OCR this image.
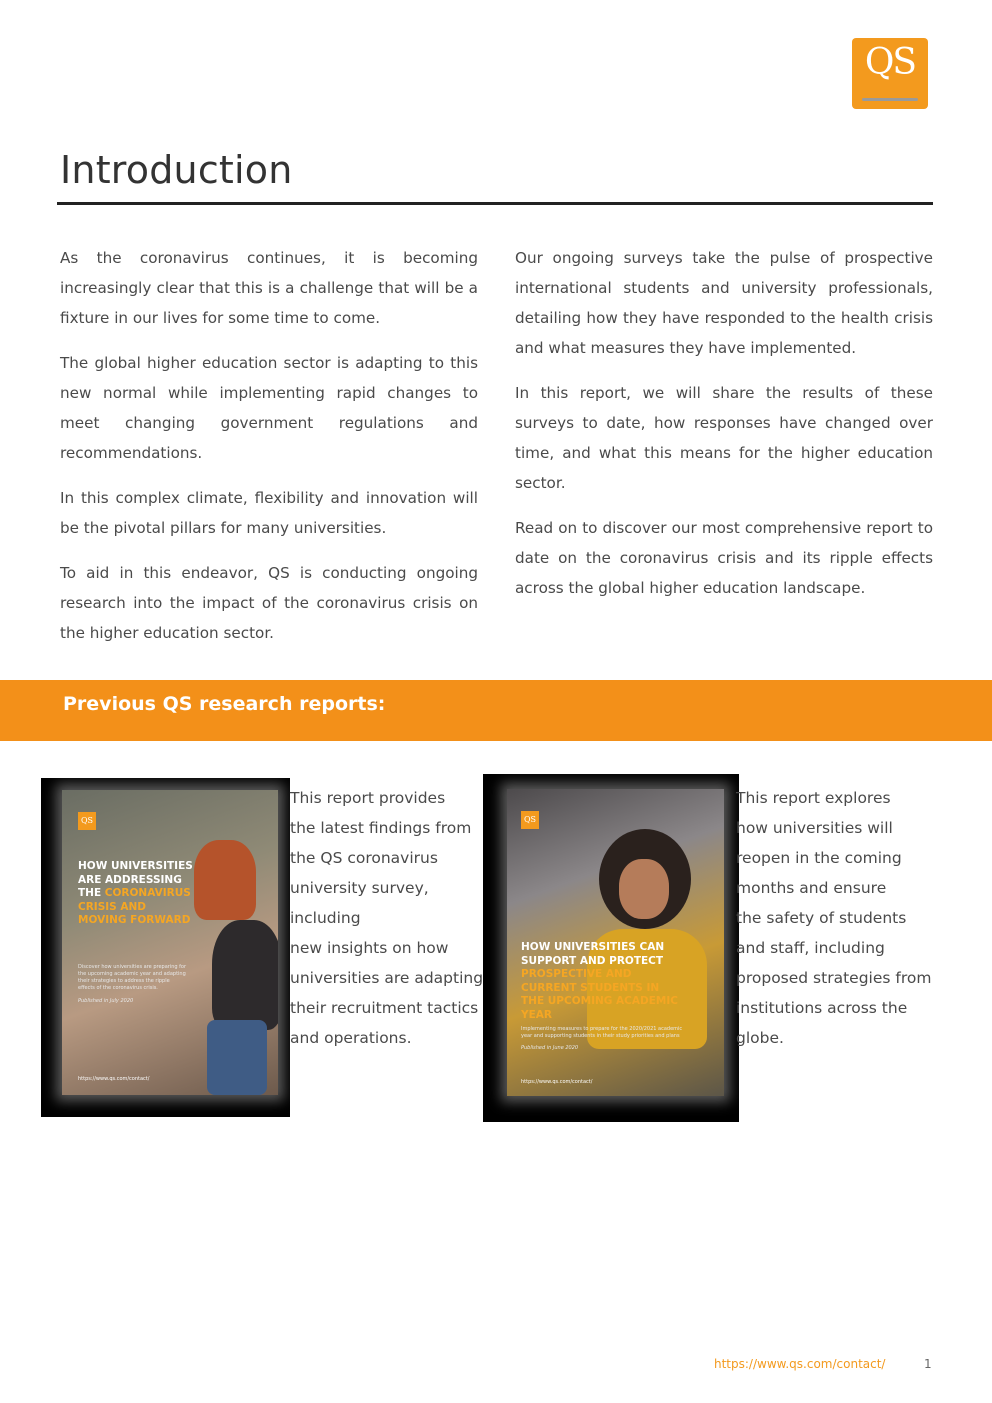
QS
Introduction

As the coronavirus continues, it is becoming increasingly clear that this is a challenge that will be a fixture in our lives for some time to come.

The global higher education sector is adapting to this new normal while implementing rapid changes to meet changing government regulations and recommendations.

In this complex climate, flexibility and innovation will be the pivotal pillars for many universities.

To aid in this endeavor, QS is conducting ongoing research into the impact of the coronavirus crisis on the higher education sector.

Our ongoing surveys take the pulse of prospective international students and university professionals, detailing how they have responded to the health crisis and what measures they have implemented.

In this report, we will share the results of these surveys to date, how responses have changed over time, and what this means for the higher education sector.

Read on to discover our most comprehensive report to date on the coronavirus crisis and its ripple effects across the global higher education landscape.

Previous QS research reports:
QS

HOW UNIVERSITIES ARE ADDRESSING THE CORONAVIRUS CRISIS AND MOVING FORWARD

Discover how universities are preparing for the upcoming academic year and adapting their strategies to address the ripple effects of the coronavirus crisis.
Published in July 2020
https://www.qs.com/contact/
This report provides
the latest findings from
the QS coronavirus
university survey, including
new insights on how
universities are adapting
their recruitment tactics
and operations.
QS

HOW UNIVERSITIES CAN SUPPORT AND PROTECT PROSPECTIVE AND CURRENT STUDENTS IN THE UPCOMING ACADEMIC YEAR

Implementing measures to prepare for the 2020/2021 academic year and supporting students in their study priorities and plans
Published in June 2020
https://www.qs.com/contact/
This report explores
how universities will
reopen in the coming
months and ensure
the safety of students
and staff, including
proposed strategies from
institutions across the
globe.
https://www.qs.com/contact/	1
